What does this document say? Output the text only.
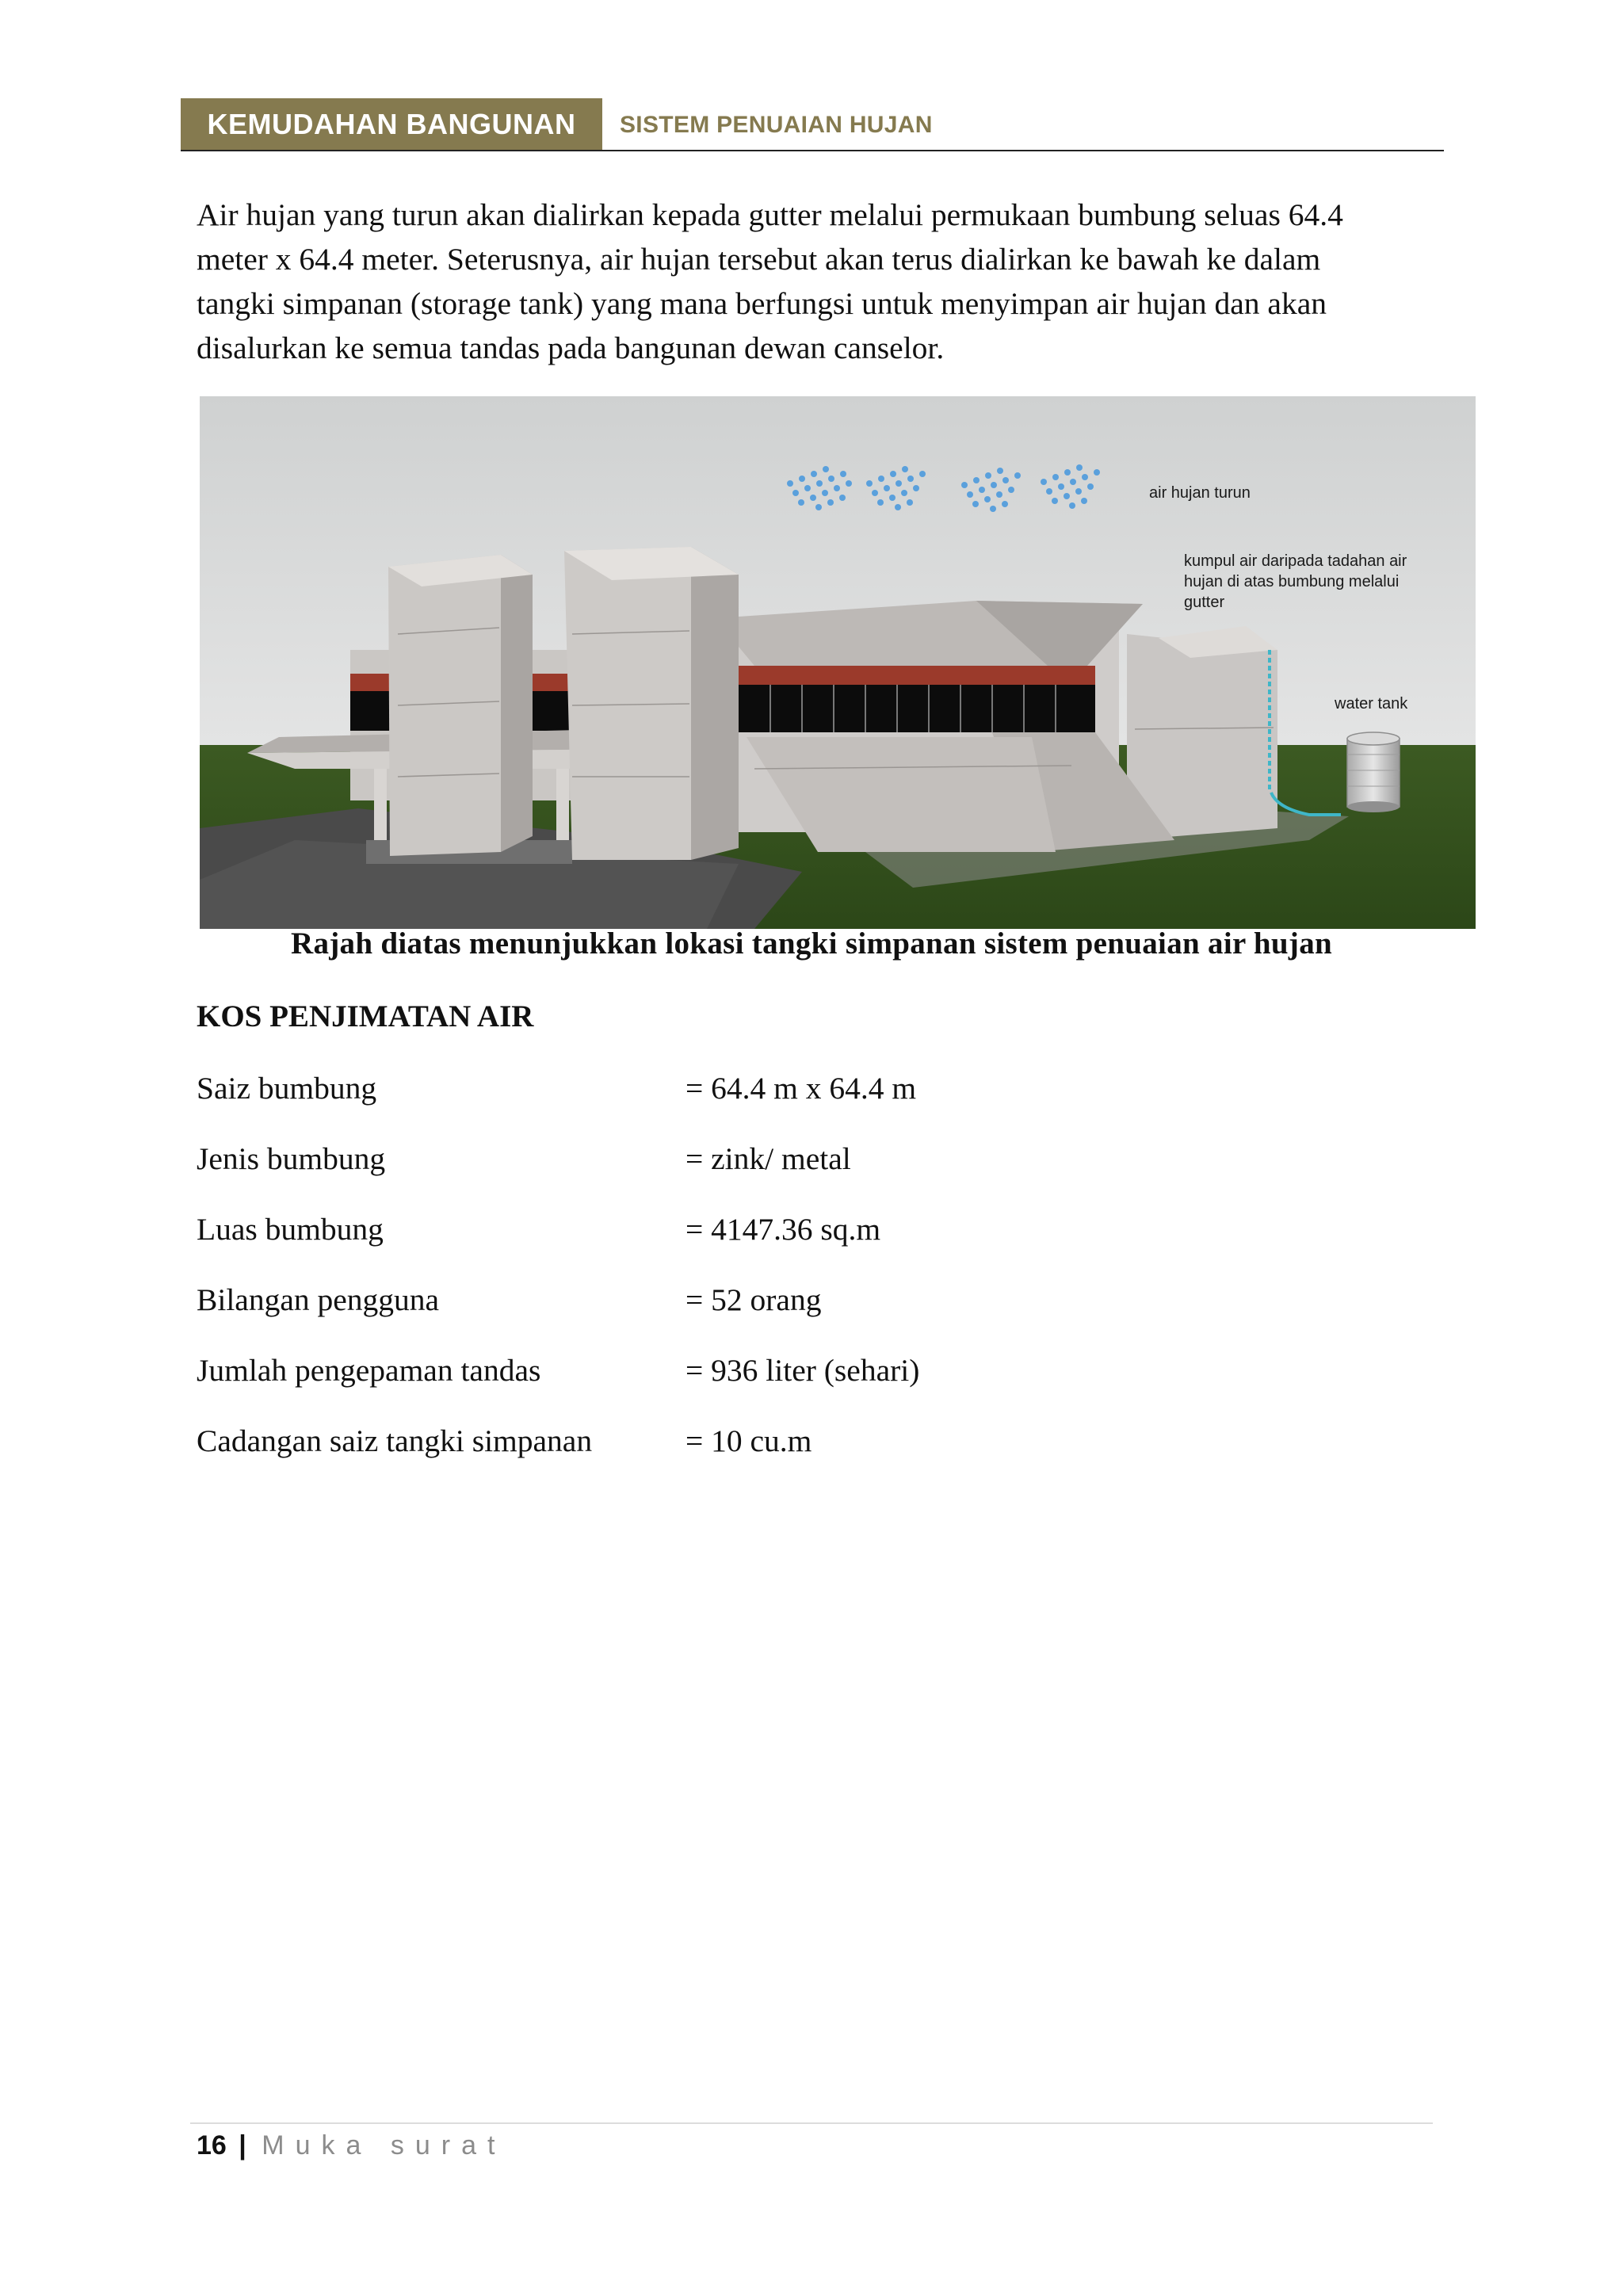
KEMUDAHAN BANGUNAN	SISTEM PENUAIAN HUJAN

Air hujan yang turun akan dialirkan kepada gutter melalui permukaan bumbung seluas 64.4
meter x 64.4 meter. Seterusnya, air hujan tersebut akan terus dialirkan ke bawah ke dalam
tangki simpanan (storage tank) yang mana berfungsi untuk menyimpan air hujan dan akan
disalurkan ke semua tandas pada bangunan dewan canselor.

air hujan turun
kumpul air daripada tadahan air
hujan di atas bumbung melalui
gutter
water tank
Rajah diatas menunjukkan lokasi tangki simpanan sistem penuaian air hujan
KOS PENJIMATAN AIR
Saiz bumbung	= 64.4 m x 64.4 m
Jenis bumbung	= zink/ metal
Luas bumbung	= 4147.36 sq.m
Bilangan pengguna	= 52 orang
Jumlah pengepaman tandas	= 936 liter (sehari)
Cadangan saiz tangki simpanan	= 10 cu.m
16 | Muka surat
